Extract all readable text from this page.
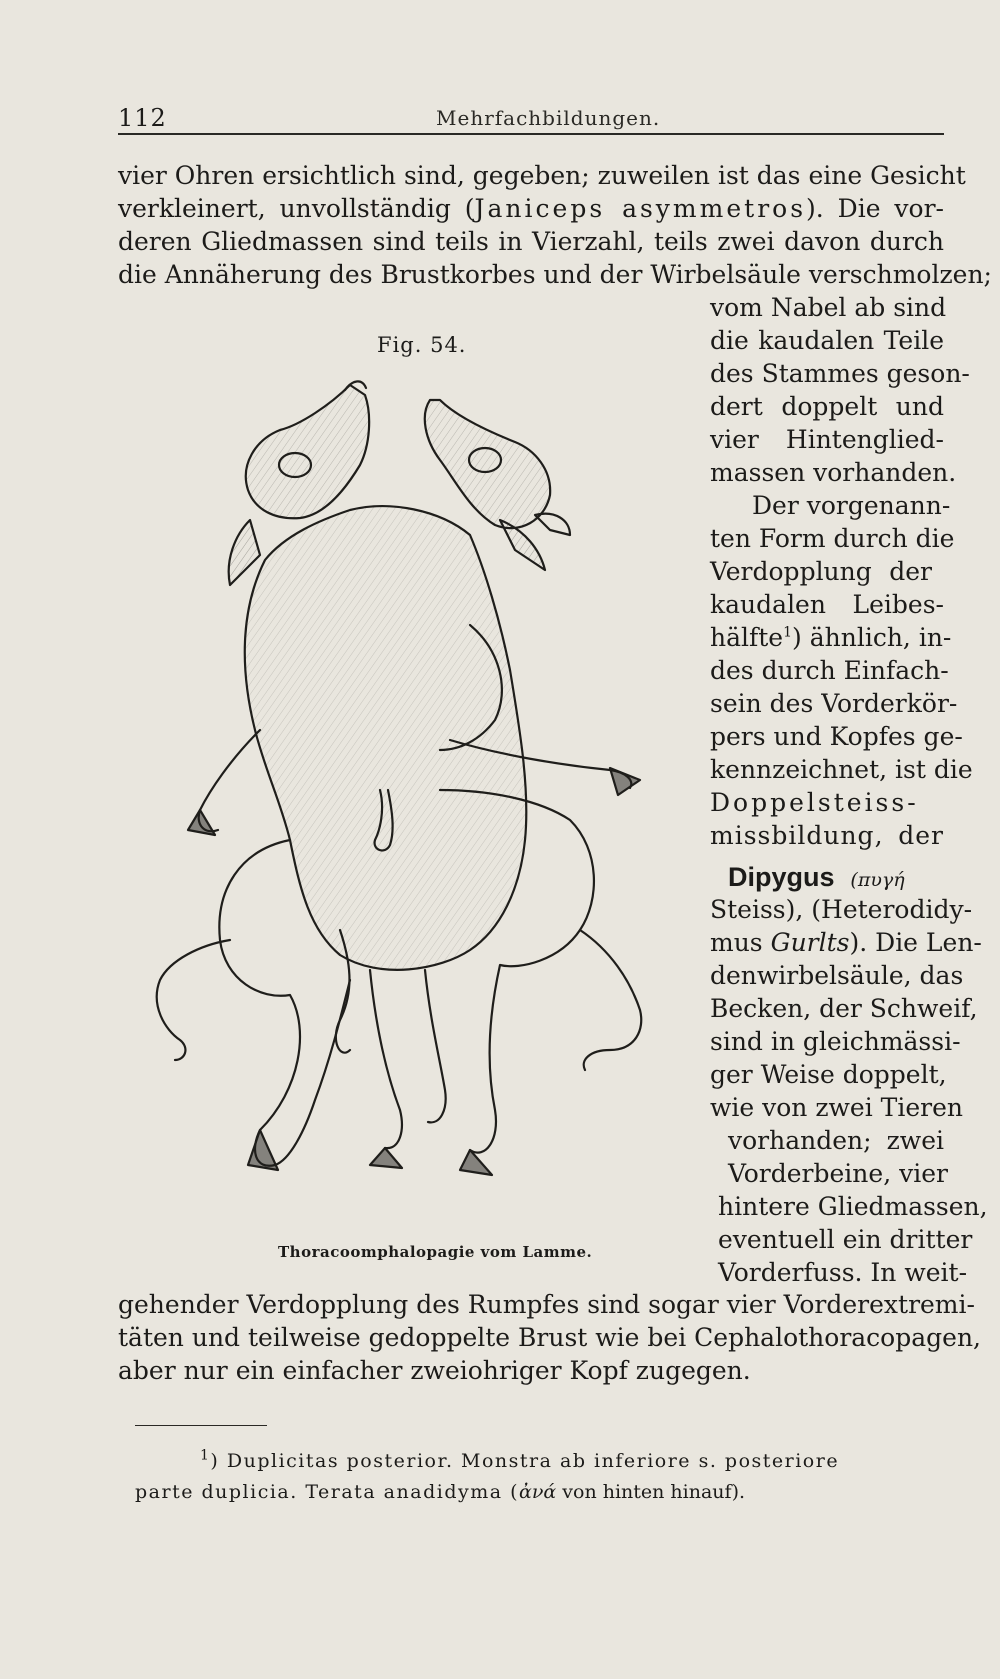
112	Mehrfachbildungen.
vier Ohren ersichtlich sind, gegeben; zuweilen ist das eine Gesicht
verkleinert, unvollständig (Janiceps asymmetros). Die vor-
deren Gliedmassen sind teils in Vierzahl, teils zwei davon durch
die Annäherung des Brustkorbes und der Wirbelsäule verschmolzen;
Fig. 54.
vom Nabel ab sind
die kaudalen Teile
des Stammes geson-
dert doppelt und
vier Hintenglied-
massen vorhanden.
Der vorgenann-
ten Form durch die
Verdopplung der
kaudalen Leibes-
hälfte$^1$) ähnlich, in-
des durch Einfach-
sein des Vorderkör-
pers und Kopfes ge-
kennzeichnet, ist die
Doppelsteiss-
missbildung, der
Dipygus (πυγή
Steiss), (Heterodidy-
mus Gurlts). Die Len-
denwirbelsäule, das
Becken, der Schweif,
sind in gleichmässi-
ger Weise doppelt,
wie von zwei Tieren
vorhanden; zwei
Vorderbeine, vier
hintere Gliedmassen,
eventuell ein dritter
Vorderfuss. In weit-
Thoracoomphalopagie vom Lamme.
gehender Verdopplung des Rumpfes sind sogar vier Vorderextremi-
täten und teilweise gedoppelte Brust wie bei Cephalothoracopagen,
aber nur ein einfacher zweiohriger Kopf zugegen.
$^1$) Duplicitas posterior. Monstra ab inferiore s. posteriore
parte duplicia. Terata anadidyma (ἀνά von hinten hinauf).
